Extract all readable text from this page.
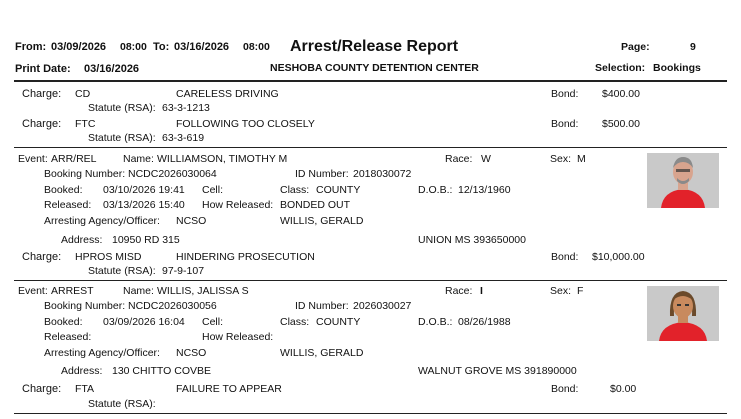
From: 03/09/2026 08:00 To: 03/16/2026 08:00 Arrest/Release Report	Page:	9
Print Date: 03/16/2026	NESHOBA COUNTY DETENTION CENTER	Selection: Bookings
Charge: CD	CARELESS DRIVING	Bond: $400.00
Statute (RSA): 63-3-1213
Charge: FTC	FOLLOWING TOO CLOSELY	Bond: $500.00
Statute (RSA): 63-3-619
Event: ARR/REL	Name: WILLIAMSON, TIMOTHY M	Race: W	Sex: M
Booking Number: NCDC2026030064	ID Number: 2018030072
Booked: 03/10/2026 19:41 Cell:	Class: COUNTY	D.O.B.: 12/13/1960
Released: 03/13/2026 15:40 How Released: BONDED OUT
Arresting Agency/Officer: NCSO	WILLIS, GERALD
Address: 10950 RD 315	UNION MS 393650000
Charge: HPROS MISD	HINDERING PROSECUTION	Bond: $10,000.00
Statute (RSA): 97-9-107
Event: ARREST	Name: WILLIS, JALISSA S	Race: I	Sex: F
Booking Number: NCDC2026030056	ID Number: 2026030027
Booked: 03/09/2026 16:04 Cell:	Class: COUNTY	D.O.B.: 08/26/1988
Released:	How Released:
Arresting Agency/Officer: NCSO	WILLIS, GERALD
Address: 130 CHITTO COVBE	WALNUT GROVE MS 391890000
Charge: FTA	FAILURE TO APPEAR	Bond:	$0.00
Statute (RSA):
